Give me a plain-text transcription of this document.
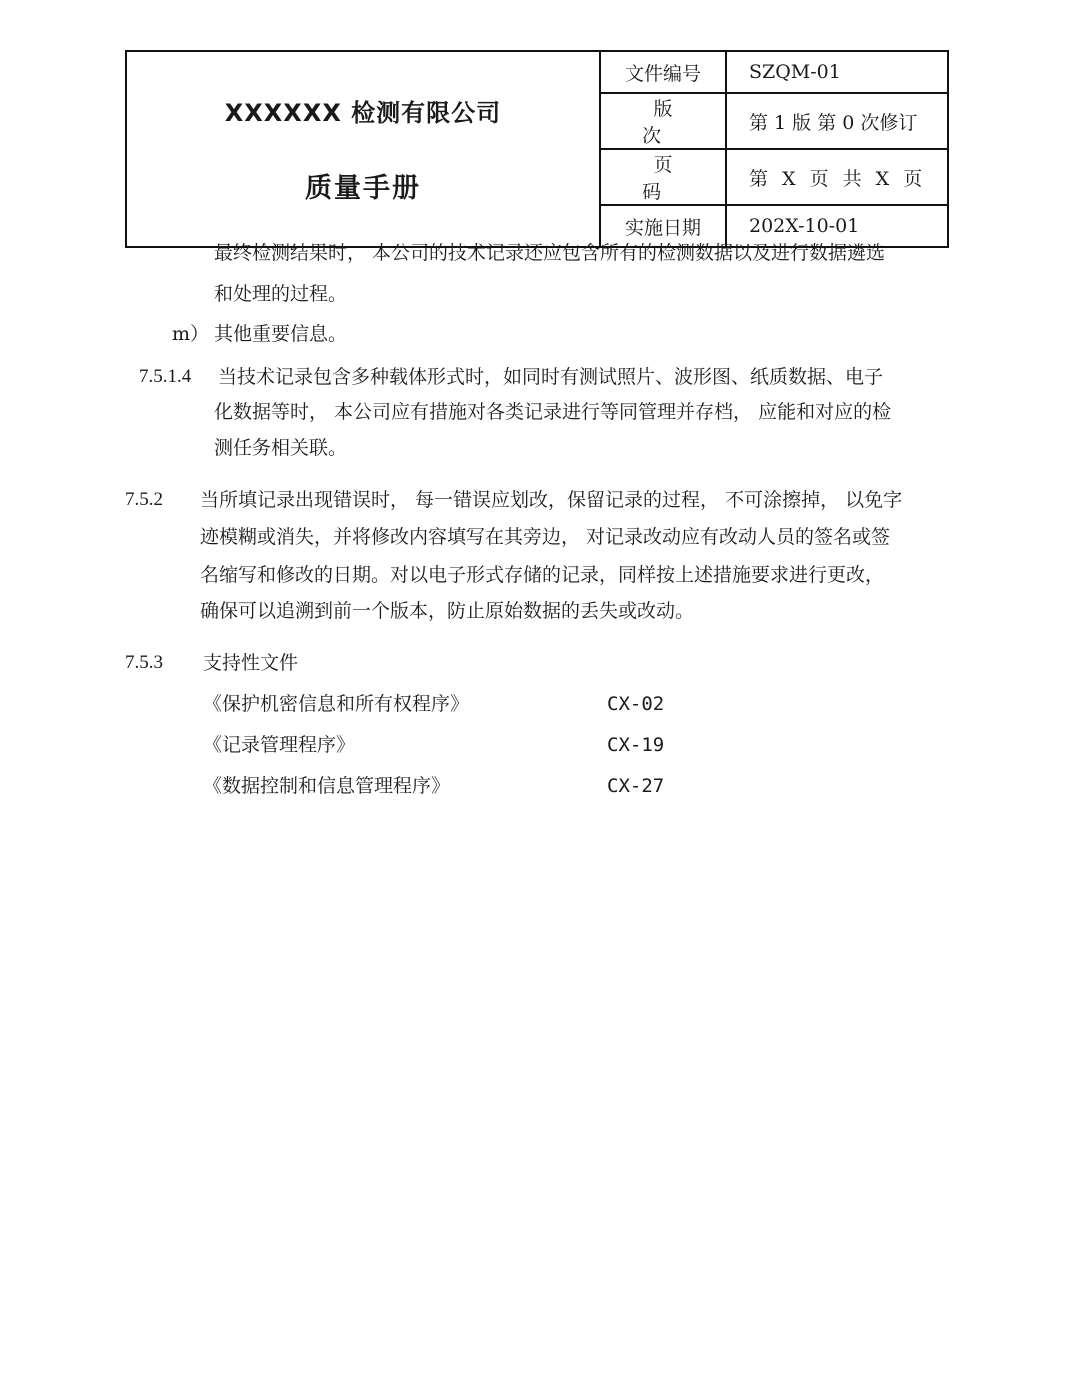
XXXXXX 检测有限公司
质量手册	文件编号	SZQM-01
	版 次	第 1 版 第 0 次修订
	页 码	第 X 页 共 X 页
	实施日期	202X-10-01
最终检测结果时， 本公司的技术记录还应包含所有的检测数据以及进行数据遴选
和处理的过程。
m） 其他重要信息。
7.5.1.4 当技术记录包含多种载体形式时，如同时有测试照片、波形图、纸质数据、电子
化数据等时， 本公司应有措施对各类记录进行等同管理并存档， 应能和对应的检
测任务相关联。
7.5.2 当所填记录出现错误时， 每一错误应划改，保留记录的过程， 不可涂擦掉， 以免字
迹模糊或消失，并将修改内容填写在其旁边， 对记录改动应有改动人员的签名或签
名缩写和修改的日期。对以电子形式存储的记录，同样按上述措施要求进行更改，
确保可以追溯到前一个版本，防止原始数据的丢失或改动。
7.5.3 支持性文件
《保护机密信息和所有权程序》	CX-02
《记录管理程序》	CX-19
《数据控制和信息管理程序》	CX-27
